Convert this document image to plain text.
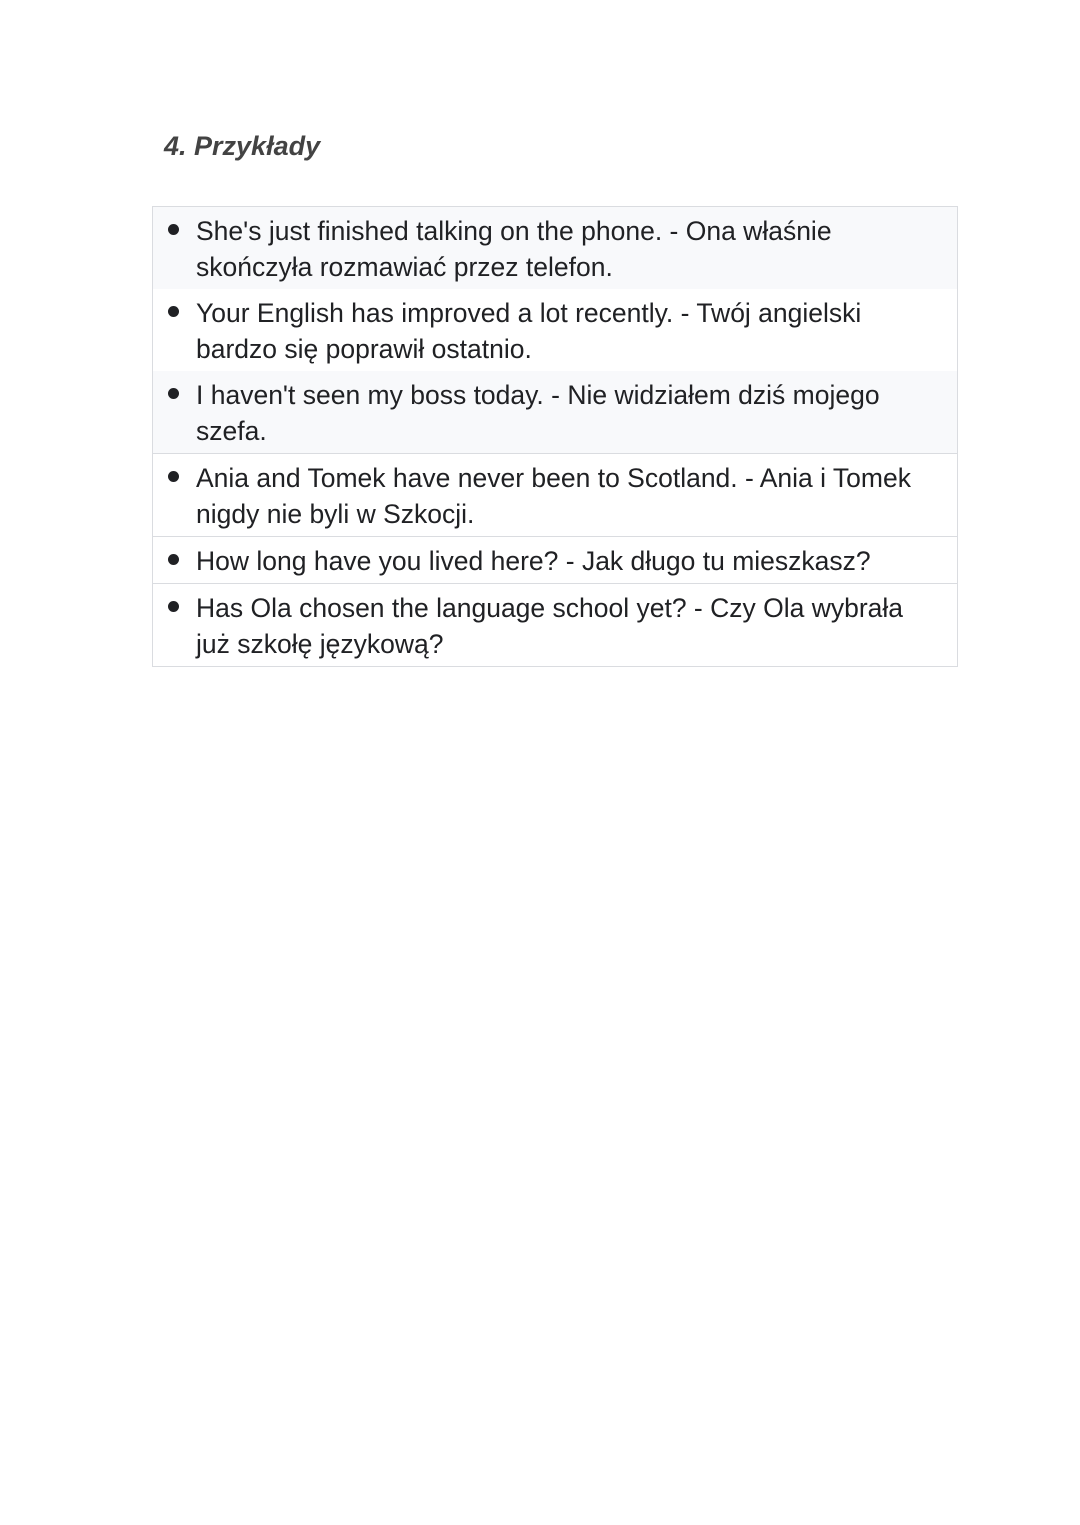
4. Przykłady
She's just finished talking on the phone. - Ona właśnie skończyła rozmawiać przez telefon.
Your English has improved a lot recently. - Twój angielski bardzo się poprawił ostatnio.
I haven't seen my boss today. - Nie widziałem dziś mojego szefa.
Ania and Tomek have never been to Scotland. - Ania i Tomek nigdy nie byli w Szkocji.
How long have you lived here? - Jak długo tu mieszkasz?
Has Ola chosen the language school yet? - Czy Ola wybrała już szkołę językową?
